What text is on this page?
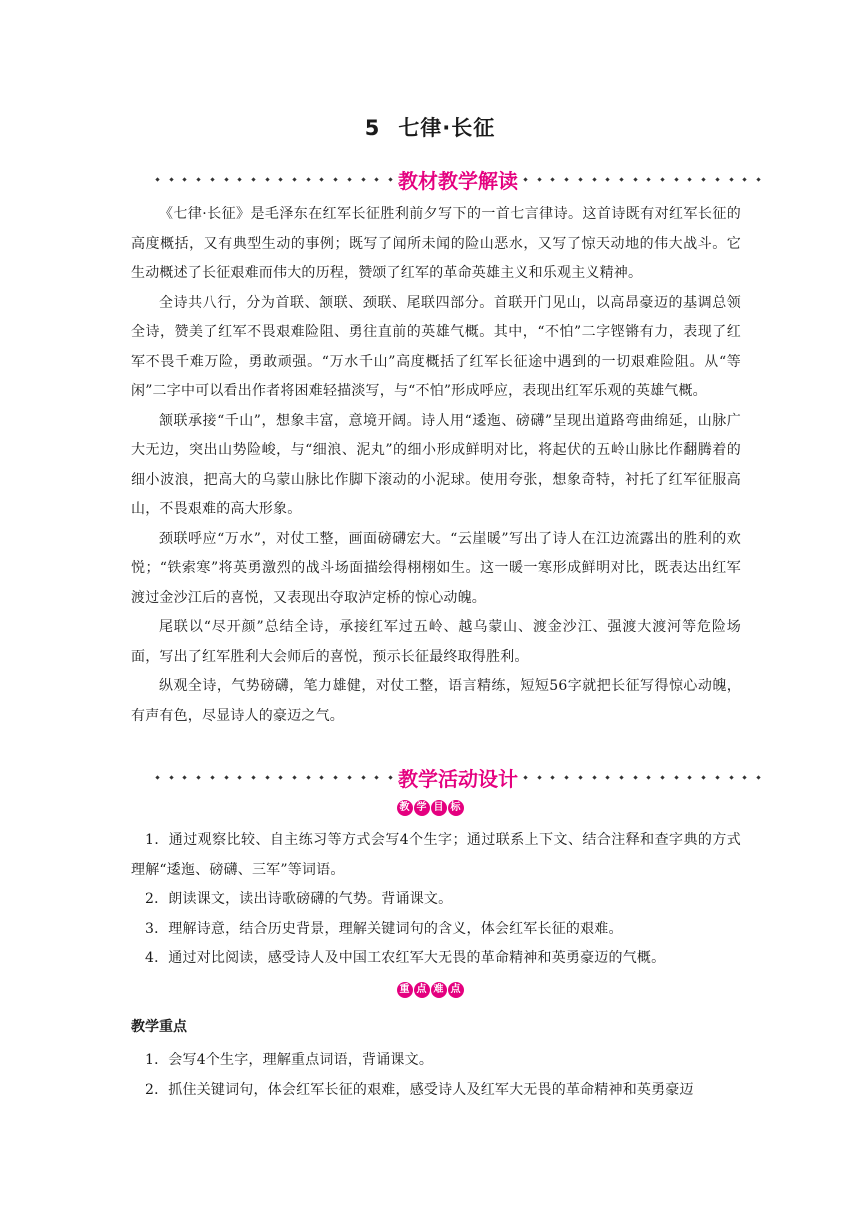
5 七律·长征
教材教学解读

《七律·长征》是毛泽东在红军长征胜利前夕写下的一首七言律诗。这首诗既有对红军长征的高度概括，又有典型生动的事例；既写了闻所未闻的险山恶水，又写了惊天动地的伟大战斗。它生动概述了长征艰难而伟大的历程，赞颂了红军的革命英雄主义和乐观主义精神。

全诗共八行，分为首联、颔联、颈联、尾联四部分。首联开门见山，以高昂豪迈的基调总领全诗，赞美了红军不畏艰难险阻、勇往直前的英雄气概。其中，“不怕”二字铿锵有力，表现了红军不畏千难万险，勇敢顽强。“万水千山”高度概括了红军长征途中遇到的一切艰难险阻。从“等闲”二字中可以看出作者将困难轻描淡写，与“不怕”形成呼应，表现出红军乐观的英雄气概。

颔联承接“千山”，想象丰富，意境开阔。诗人用“逶迤、磅礴”呈现出道路弯曲绵延，山脉广大无边，突出山势险峻，与“细浪、泥丸”的细小形成鲜明对比，将起伏的五岭山脉比作翻腾着的细小波浪，把高大的乌蒙山脉比作脚下滚动的小泥球。使用夸张，想象奇特，衬托了红军征服高山，不畏艰难的高大形象。

颈联呼应“万水”，对仗工整，画面磅礴宏大。“云崖暖”写出了诗人在江边流露出的胜利的欢悦；“铁索寒”将英勇激烈的战斗场面描绘得栩栩如生。这一暖一寒形成鲜明对比，既表达出红军渡过金沙江后的喜悦，又表现出夺取泸定桥的惊心动魄。

尾联以“尽开颜”总结全诗，承接红军过五岭、越乌蒙山、渡金沙江、强渡大渡河等危险场面，写出了红军胜利大会师后的喜悦，预示长征最终取得胜利。

纵观全诗，气势磅礴，笔力雄健，对仗工整，语言精练，短短56字就把长征写得惊心动魄，有声有色，尽显诗人的豪迈之气。

教学活动设计
教 学 目 标

1．通过观察比较、自主练习等方式会写4个生字；通过联系上下文、结合注释和查字典的方式理解“逶迤、磅礴、三军”等词语。

2．朗读课文，读出诗歌磅礴的气势。背诵课文。

3．理解诗意，结合历史背景，理解关键词句的含义，体会红军长征的艰难。

4．通过对比阅读，感受诗人及中国工农红军大无畏的革命精神和英勇豪迈的气概。

重 点 难 点
教学重点

1．会写4个生字，理解重点词语，背诵课文。

2．抓住关键词句，体会红军长征的艰难，感受诗人及红军大无畏的革命精神和英勇豪迈
